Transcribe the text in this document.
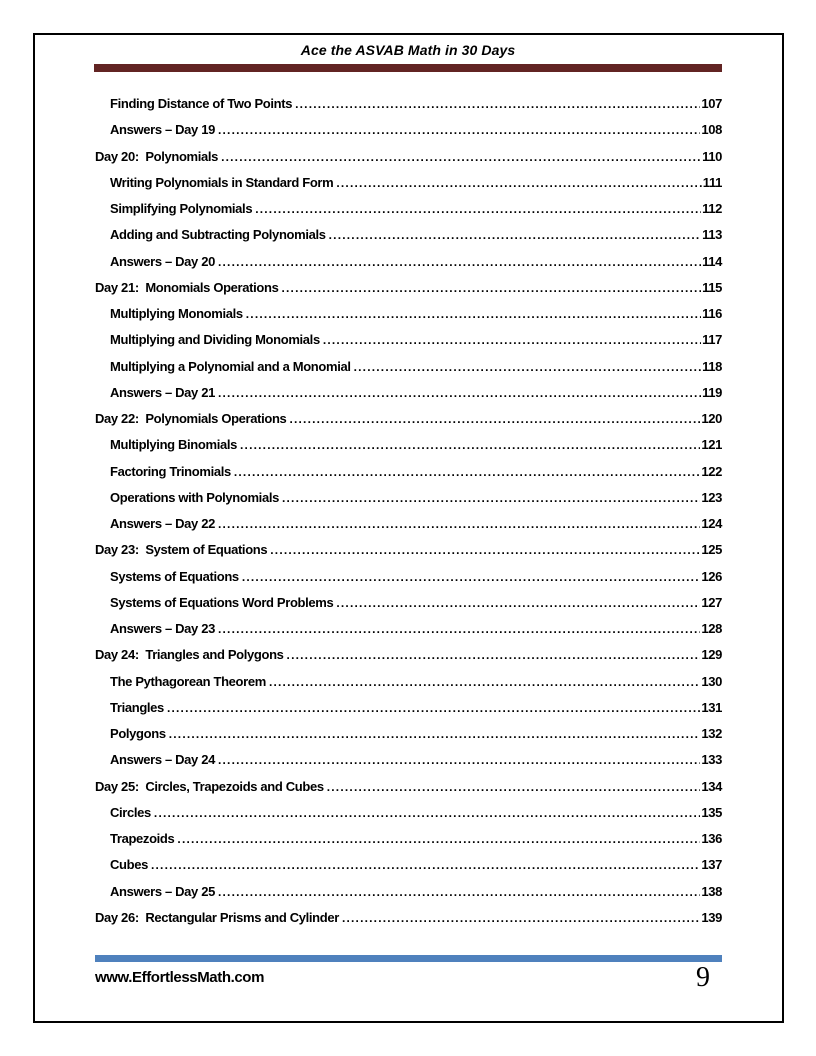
Ace the ASVAB Math in 30 Days
Finding Distance of Two Points .....	107
Answers – Day 19 .....	108
Day 20:  Polynomials .....	110
Writing Polynomials in Standard Form .....	111
Simplifying Polynomials .....	112
Adding and Subtracting Polynomials .....	113
Answers – Day 20 .....	114
Day 21:  Monomials Operations .....	115
Multiplying Monomials .....	116
Multiplying and Dividing Monomials .....	117
Multiplying a Polynomial and a Monomial .....	118
Answers – Day 21 .....	119
Day 22:  Polynomials Operations .....	120
Multiplying Binomials .....	121
Factoring Trinomials .....	122
Operations with Polynomials .....	123
Answers – Day 22 .....	124
Day 23:  System of Equations .....	125
Systems of Equations .....	126
Systems of Equations Word Problems .....	127
Answers – Day 23 .....	128
Day 24:  Triangles and Polygons .....	129
The Pythagorean Theorem .....	130
Triangles .....	131
Polygons .....	132
Answers – Day 24 .....	133
Day 25:  Circles, Trapezoids and Cubes .....	134
Circles .....	135
Trapezoids .....	136
Cubes .....	137
Answers – Day 25 .....	138
Day 26:  Rectangular Prisms and Cylinder .....	139
www.EffortlessMath.com	9
